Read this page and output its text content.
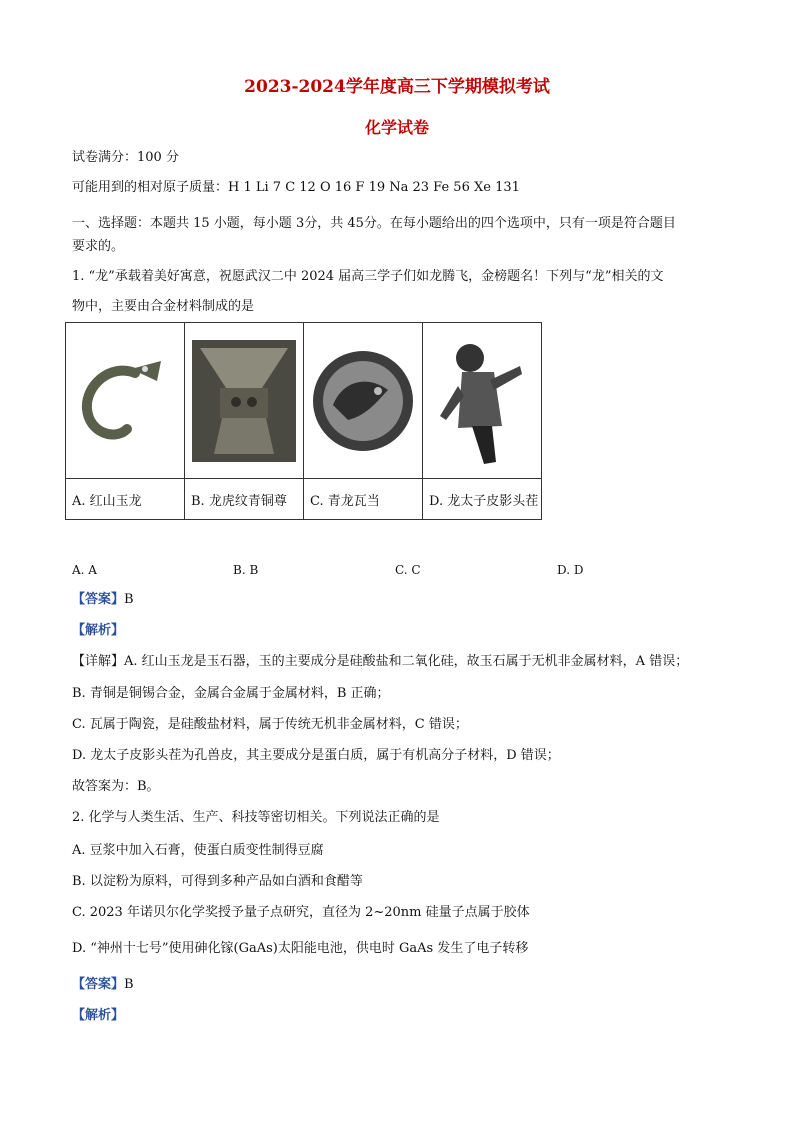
2023-2024学年度高三下学期模拟考试
化学试卷
试卷满分：100 分
可能用到的相对原子质量：H 1 Li 7 C 12 O 16 F 19 Na 23 Fe 56 Xe 131
一、选择题：本题共 15 小题，每小题 3分，共 45分。在每小题给出的四个选项中，只有一项是符合题目
要求的。
1. “龙”承载着美好寓意，祝愿武汉二中 2024 届高三学子们如龙腾飞，金榜题名！下列与“龙”相关的文
物中，主要由合金材料制成的是

A. 红山玉龙	B. 龙虎纹青铜尊	C. 青龙瓦当	D. 龙太子皮影头茬
A. A	B. B	C. C	D. D
【答案】B
【解析】
【详解】A. 红山玉龙是玉石器，玉的主要成分是硅酸盐和二氧化硅，故玉石属于无机非金属材料，A 错误；
B. 青铜是铜锡合金，金属合金属于金属材料，B 正确；
C. 瓦属于陶瓷，是硅酸盐材料，属于传统无机非金属材料，C 错误；
D. 龙太子皮影头茬为孔兽皮，其主要成分是蛋白质，属于有机高分子材料，D 错误；
故答案为：B。
2. 化学与人类生活、生产、科技等密切相关。下列说法正确的是
A. 豆浆中加入石膏，使蛋白质变性制得豆腐
B. 以淀粉为原料，可得到多种产品如白酒和食醋等
C. 2023 年诺贝尔化学奖授予量子点研究，直径为 2~20nm 硅量子点属于胶体
D. “神州十七号”使用砷化镓(GaAs)太阳能电池，供电时 GaAs 发生了电子转移
【答案】B
【解析】
